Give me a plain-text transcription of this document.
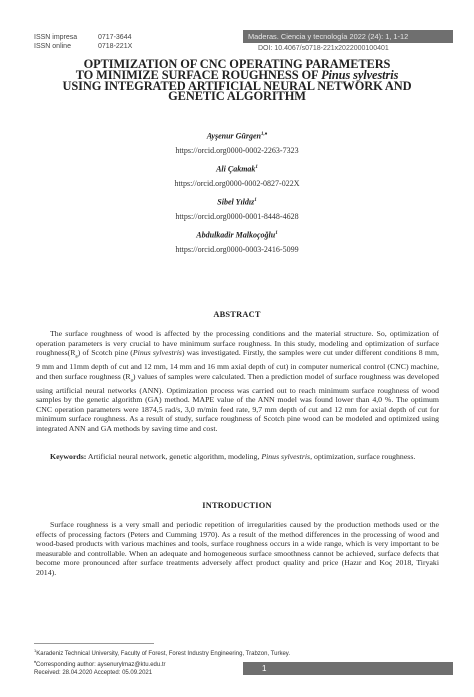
ISSN impresa	0717-3644
ISSN online	0718-221X
Maderas. Ciencia y tecnología 2022 (24): 1, 1-12
DOI: 10.4067/s0718-221x2022000100401
OPTIMIZATION OF CNC OPERATING PARAMETERS
TO MINIMIZE SURFACE ROUGHNESS OF Pinus sylvestris
USING INTEGRATED ARTIFICIAL NEURAL NETWORK AND
GENETIC ALGORITHM
Ayşenur Gürgen$^{1,♦}$
https://orcid.org0000-0002-2263-7323
Ali Çakmak$^1$
https://orcid.org0000-0002-0827-022X
Sibel Yıldız$^1$
https://orcid.org0000-0001-8448-4628
Abdulkadir Malkoçoğlu$^1$
https://orcid.org0000-0003-2416-5099
ABSTRACT
The surface roughness of wood is affected by the processing conditions and the material structure. So, optimization of operation parameters is very crucial to have minimum surface roughness. In this study, modeling and optimization of surface $roughness(R_a)$ of Scotch pine (Pinus sylvestris) was investigated. Firstly, the samples were cut under different conditions 8 mm, 9 mm and 11mm depth of cut and 12 mm, 14 mm and 16 mm axial depth of cut) in computer numerical control (CNC) machine, and then surface roughness $(R_a)$ values of samples were calculated. Then a prediction model of surface roughness was developed using artificial neural networks (ANN). Optimization process was carried out to reach minimum surface roughness of wood samples by the genetic algorithm (GA) method. MAPE value of the ANN model was found lower than 4,0 %. The optimum CNC operation parameters were 1874,5 rad/s, 3,0 m/min feed rate, 9,7 mm depth of cut and 12 mm for axial depth of cut for minimum surface roughness. As a result of study, surface roughness of Scotch pine wood can be modeled and optimized using integrated ANN and GA methods by saving time and cost.
Keywords: Artificial neural network, genetic algorithm, modeling, Pinus sylvestris, optimization, surface roughness.
INTRODUCTION
Surface roughness is a very small and periodic repetition of irregularities caused by the production methods used or the effects of processing factors (Peters and Cumming 1970). As a result of the method differences in the processing of wood and wood-based products with various machines and tools, surface roughness occurs in a wide range, which is very important to be measurable and controllable. When an adequate and homogeneous surface smoothness cannot be achieved, surface defects that become more pronounced after surface treatments adversely affect product quality and price (Hazır and Koç 2018, Tiryaki 2014).
$^1$Karadeniz Technical University, Faculty of Forest, Forest Industry Engineering, Trabzon, Turkey.
♦Corresponding author: aysenurylmaz@ktu.edu.tr
Received: 28.04.2020 Accepted: 05.09.2021
1
